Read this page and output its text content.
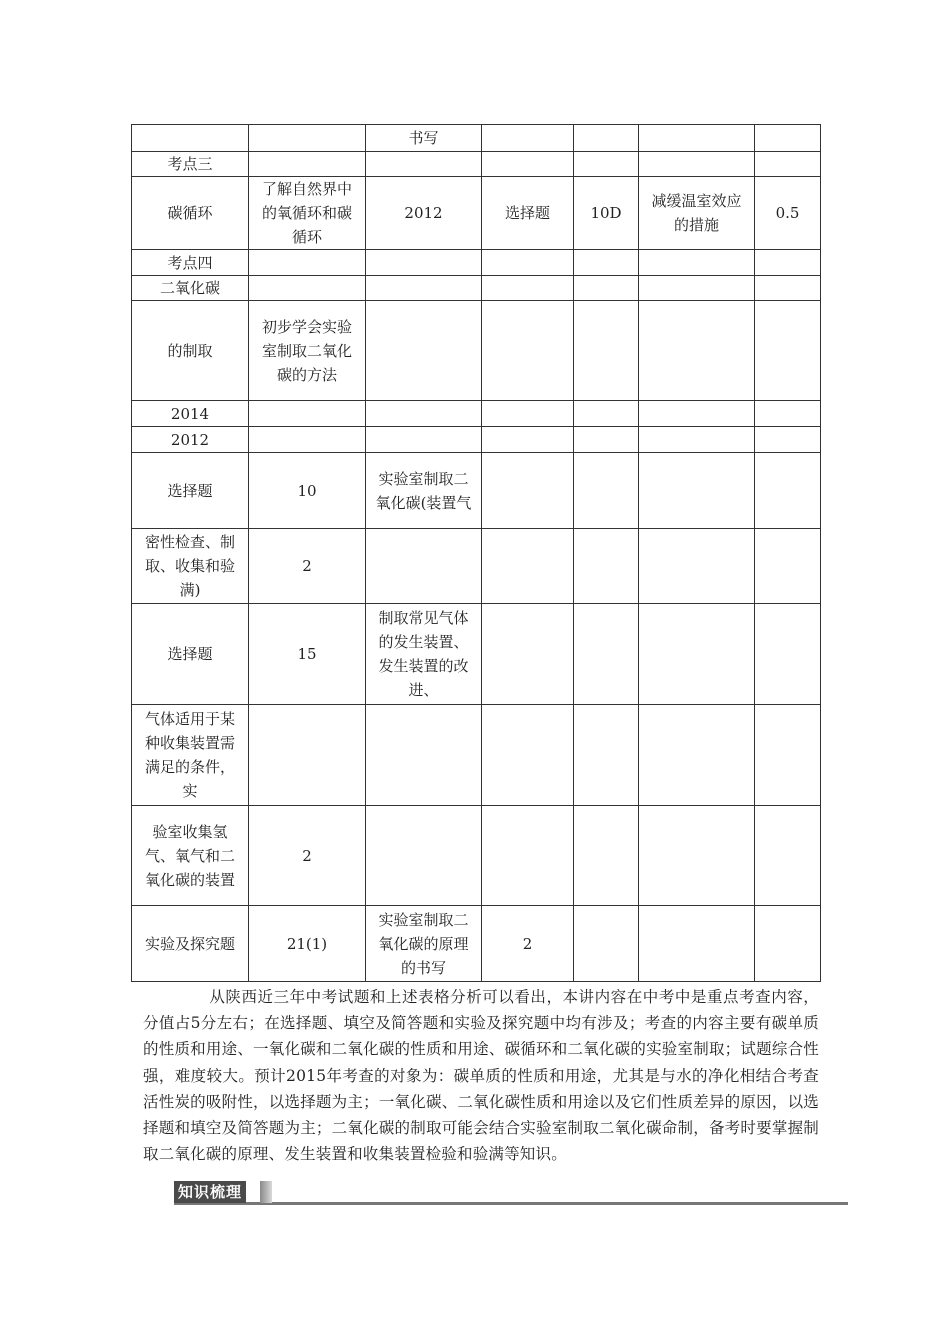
		书写				
考点三						
碳循环	了解自然界中的氧循环和碳循环	2012	选择题	10D	减缓温室效应的措施	0.5
考点四						
二氧化碳						
的制取	初步学会实验室制取二氧化碳的方法					
2014						
2012						
选择题	10	实验室制取二氧化碳(装置气				
密性检查、制取、收集和验满)	2					
选择题	15	制取常见气体的发生装置、发生装置的改进、				
气体适用于某种收集装置需满足的条件，实						
验室收集氢气、氧气和二氧化碳的装置	2					
实验及探究题	21(1)	实验室制取二氧化碳的原理的书写	2			
从陕西近三年中考试题和上述表格分析可以看出，本讲内容在中考中是重点考查内容，分值占5分左右；在选择题、填空及简答题和实验及探究题中均有涉及；考查的内容主要有碳单质的性质和用途、一氧化碳和二氧化碳的性质和用途、碳循环和二氧化碳的实验室制取；试题综合性强，难度较大。预计2015年考查的对象为：碳单质的性质和用途，尤其是与水的净化相结合考查活性炭的吸附性，以选择题为主；一氧化碳、二氧化碳性质和用途以及它们性质差异的原因，以选择题和填空及简答题为主；二氧化碳的制取可能会结合实验室制取二氧化碳命制，备考时要掌握制取二氧化碳的原理、发生装置和收集装置检验和验满等知识。
知识梳理
